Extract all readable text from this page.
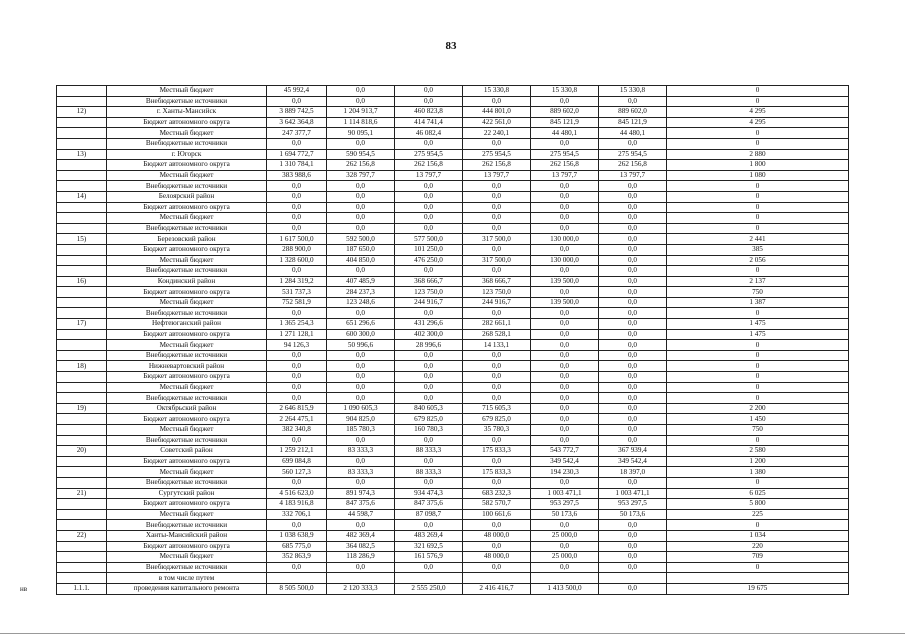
83
	Местный бюджет	45 992,4	0,0	0,0	15 330,8	15 330,8	15 330,8	0
	Внебюджетные источники	0,0	0,0	0,0	0,0	0,0	0,0	0
12)	г. Ханты-Мансийск	3 889 742,5	1 204 913,7	460 823,8	444 801,0	889 602,0	889 602,0	4 295
	Бюджет автономного округа	3 642 364,8	1 114 818,6	414 741,4	422 561,0	845 121,9	845 121,9	4 295
	Местный бюджет	247 377,7	90 095,1	46 082,4	22 240,1	44 480,1	44 480,1	0
	Внебюджетные источники	0,0	0,0	0,0	0,0	0,0	0,0	0
13)	г. Югорск	1 694 772,7	590 954,5	275 954,5	275 954,5	275 954,5	275 954,5	2 880
	Бюджет автономного округа	1 310 784,1	262 156,8	262 156,8	262 156,8	262 156,8	262 156,8	1 800
	Местный бюджет	383 988,6	328 797,7	13 797,7	13 797,7	13 797,7	13 797,7	1 080
	Внебюджетные источники	0,0	0,0	0,0	0,0	0,0	0,0	0
14)	Белоярский район	0,0	0,0	0,0	0,0	0,0	0,0	0
	Бюджет автономного округа	0,0	0,0	0,0	0,0	0,0	0,0	0
	Местный бюджет	0,0	0,0	0,0	0,0	0,0	0,0	0
	Внебюджетные источники	0,0	0,0	0,0	0,0	0,0	0,0	0
15)	Березовский район	1 617 500,0	592 500,0	577 500,0	317 500,0	130 000,0	0,0	2 441
	Бюджет автономного округа	288 900,0	187 650,0	101 250,0	0,0	0,0	0,0	385
	Местный бюджет	1 328 600,0	404 850,0	476 250,0	317 500,0	130 000,0	0,0	2 056
	Внебюджетные источники	0,0	0,0	0,0	0,0	0,0	0,0	0
16)	Кондинский район	1 284 319,2	407 485,9	368 666,7	368 666,7	139 500,0	0,0	2 137
	Бюджет автономного округа	531 737,3	284 237,3	123 750,0	123 750,0	0,0	0,0	750
	Местный бюджет	752 581,9	123 248,6	244 916,7	244 916,7	139 500,0	0,0	1 387
	Внебюджетные источники	0,0	0,0	0,0	0,0	0,0	0,0	0
17)	Нефтеюганский район	1 365 254,3	651 296,6	431 296,6	282 661,1	0,0	0,0	1 475
	Бюджет автономного округа	1 271 128,1	600 300,0	402 300,0	268 528,1	0,0	0,0	1 475
	Местный бюджет	94 126,3	50 996,6	28 996,6	14 133,1	0,0	0,0	0
	Внебюджетные источники	0,0	0,0	0,0	0,0	0,0	0,0	0
18)	Нижневартовский район	0,0	0,0	0,0	0,0	0,0	0,0	0
	Бюджет автономного округа	0,0	0,0	0,0	0,0	0,0	0,0	0
	Местный бюджет	0,0	0,0	0,0	0,0	0,0	0,0	0
	Внебюджетные источники	0,0	0,0	0,0	0,0	0,0	0,0	0
19)	Октябрьский район	2 646 815,9	1 090 605,3	840 605,3	715 605,3	0,0	0,0	2 200
	Бюджет автономного округа	2 264 475,1	904 825,0	679 825,0	679 825,0	0,0	0,0	1 450
	Местный бюджет	382 340,8	185 780,3	160 780,3	35 780,3	0,0	0,0	750
	Внебюджетные источники	0,0	0,0	0,0	0,0	0,0	0,0	0
20)	Советский район	1 259 212,1	83 333,3	88 333,3	175 833,3	543 772,7	367 939,4	2 580
	Бюджет автономного округа	699 084,8	0,0	0,0	0,0	349 542,4	349 542,4	1 200
	Местный бюджет	560 127,3	83 333,3	88 333,3	175 833,3	194 230,3	18 397,0	1 380
	Внебюджетные источники	0,0	0,0	0,0	0,0	0,0	0,0	0
21)	Сургутский район	4 516 623,0	891 974,3	934 474,3	683 232,3	1 003 471,1	1 003 471,1	6 025
	Бюджет автономного округа	4 183 916,8	847 375,6	847 375,6	582 570,7	953 297,5	953 297,5	5 800
	Местный бюджет	332 706,1	44 598,7	87 098,7	100 661,6	50 173,6	50 173,6	225
	Внебюджетные источники	0,0	0,0	0,0	0,0	0,0	0,0	0
22)	Ханты-Мансийский район	1 038 638,9	482 369,4	483 269,4	48 000,0	25 000,0	0,0	1 034
	Бюджет автономного округа	685 775,0	364 082,5	321 692,5	0,0	0,0	0,0	220
	Местный бюджет	352 863,9	118 286,9	161 576,9	48 000,0	25 000,0	0,0	709
	Внебюджетные источники	0,0	0,0	0,0	0,0	0,0	0,0	0
	в том числе путем							
1.1.1.	проведения капитального ремонта	8 505 500,0	2 120 333,3	2 555 250,0	2 416 416,7	1 413 500,0	0,0	19 675
нв
